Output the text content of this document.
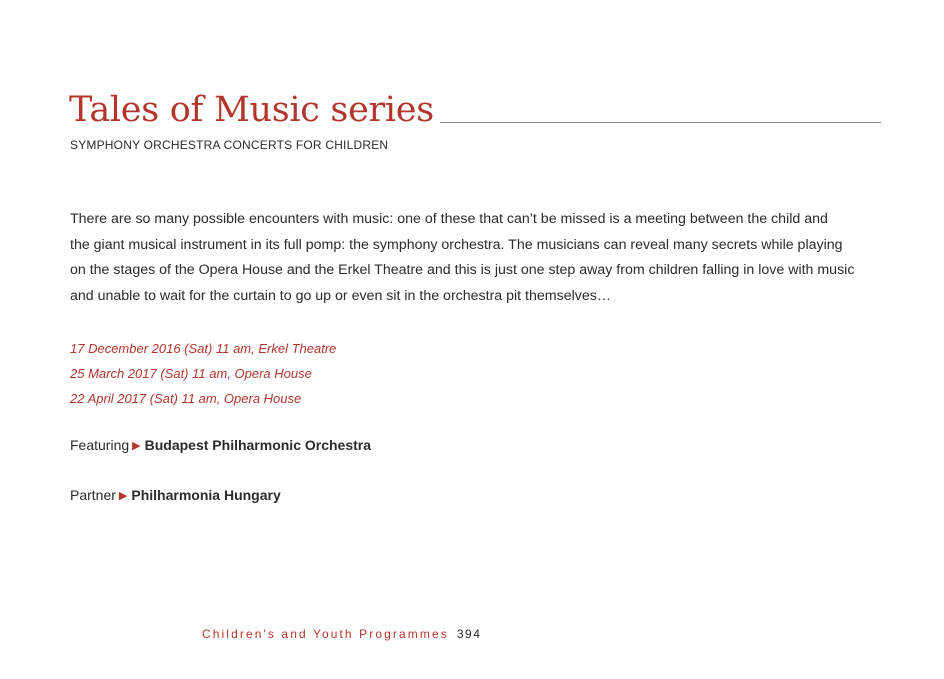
Tales of Music series
SYMPHONY ORCHESTRA CONCERTS FOR CHILDREN
There are so many possible encounters with music: one of these that can’t be missed is a meeting between the child and
the giant musical instrument in its full pomp: the symphony orchestra. The musicians can reveal many secrets while playing
on the stages of the Opera House and the Erkel Theatre and this is just one step away from children falling in love with music
and unable to wait for the curtain to go up or even sit in the orchestra pit themselves…
17 December 2016 (Sat) 11 am, Erkel Theatre
25 March 2017 (Sat) 11 am, Opera House
22 April 2017 (Sat) 11 am, Opera House
Featuring ▶ Budapest Philharmonic Orchestra
Partner ▶ Philharmonia Hungary
Children's and Youth Programmes 394
